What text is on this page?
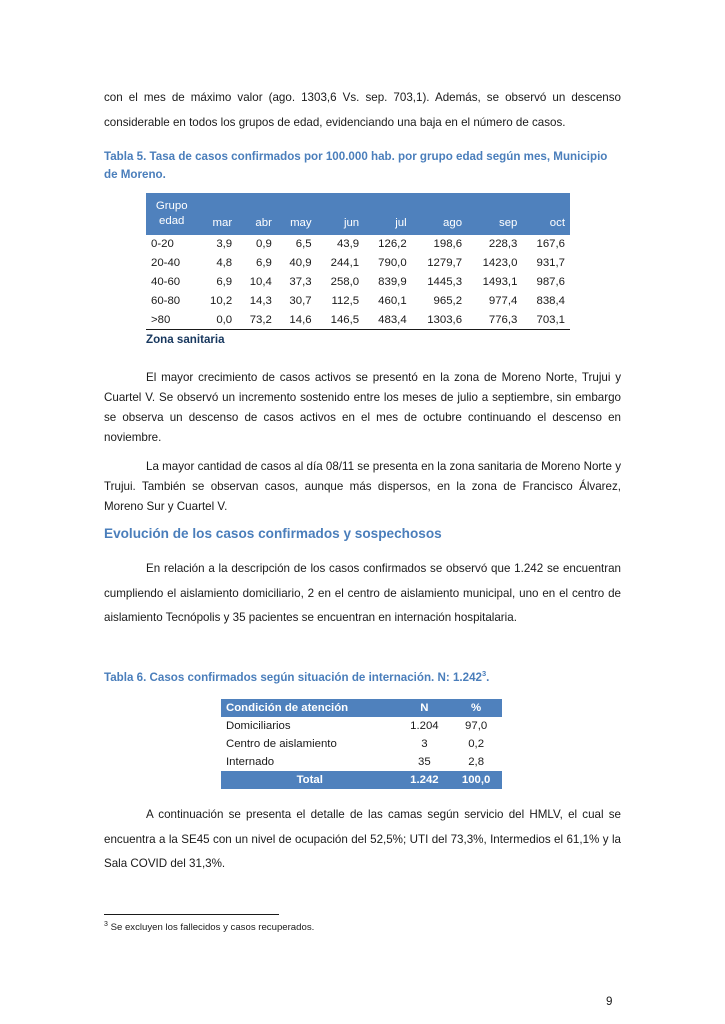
con el mes de máximo valor (ago. 1303,6 Vs. sep. 703,1). Además, se observó un descenso considerable en todos los grupos de edad, evidenciando una baja en el número de casos.

Tabla 5. Tasa de casos confirmados por 100.000 hab. por grupo edad según mes, Municipio de Moreno.
Grupo
edad	mar	abr	may	jun	jul	ago	sep	oct
0-20	3,9	0,9	6,5	43,9	126,2	198,6	228,3	167,6
20-40	4,8	6,9	40,9	244,1	790,0	1279,7	1423,0	931,7
40-60	6,9	10,4	37,3	258,0	839,9	1445,3	1493,1	987,6
60-80	10,2	14,3	30,7	112,5	460,1	965,2	977,4	838,4
>80	0,0	73,2	14,6	146,5	483,4	1303,6	776,3	703,1
Zona sanitaria

El mayor crecimiento de casos activos se presentó en la zona de Moreno Norte, Trujui y Cuartel V. Se observó un incremento sostenido entre los meses de julio a septiembre, sin embargo se observa un descenso de casos activos en el mes de octubre continuando el descenso en noviembre.

La mayor cantidad de casos al día 08/11 se presenta en la zona sanitaria de Moreno Norte y Trujui. También se observan casos, aunque más dispersos, en la zona de Francisco Álvarez, Moreno Sur y Cuartel V.

Evolución de los casos confirmados y sospechosos

En relación a la descripción de los casos confirmados se observó que 1.242 se encuentran cumpliendo el aislamiento domiciliario, 2 en el centro de aislamiento municipal, uno en el centro de aislamiento Tecnópolis y 35 pacientes se encuentran en internación hospitalaria.

Tabla 6. Casos confirmados según situación de internación. N: 1.242$^3$.
Condición de atención	N	%
Domiciliarios	1.204	97,0
Centro de aislamiento	3	0,2
Internado	35	2,8
Total	1.242	100,0

A continuación se presenta el detalle de las camas según servicio del HMLV, el cual se encuentra a la SE45 con un nivel de ocupación del 52,5%; UTI del 73,3%, Intermedios el 61,1% y la Sala COVID del 31,3%.

$^3$ Se excluyen los fallecidos y casos recuperados.
9
